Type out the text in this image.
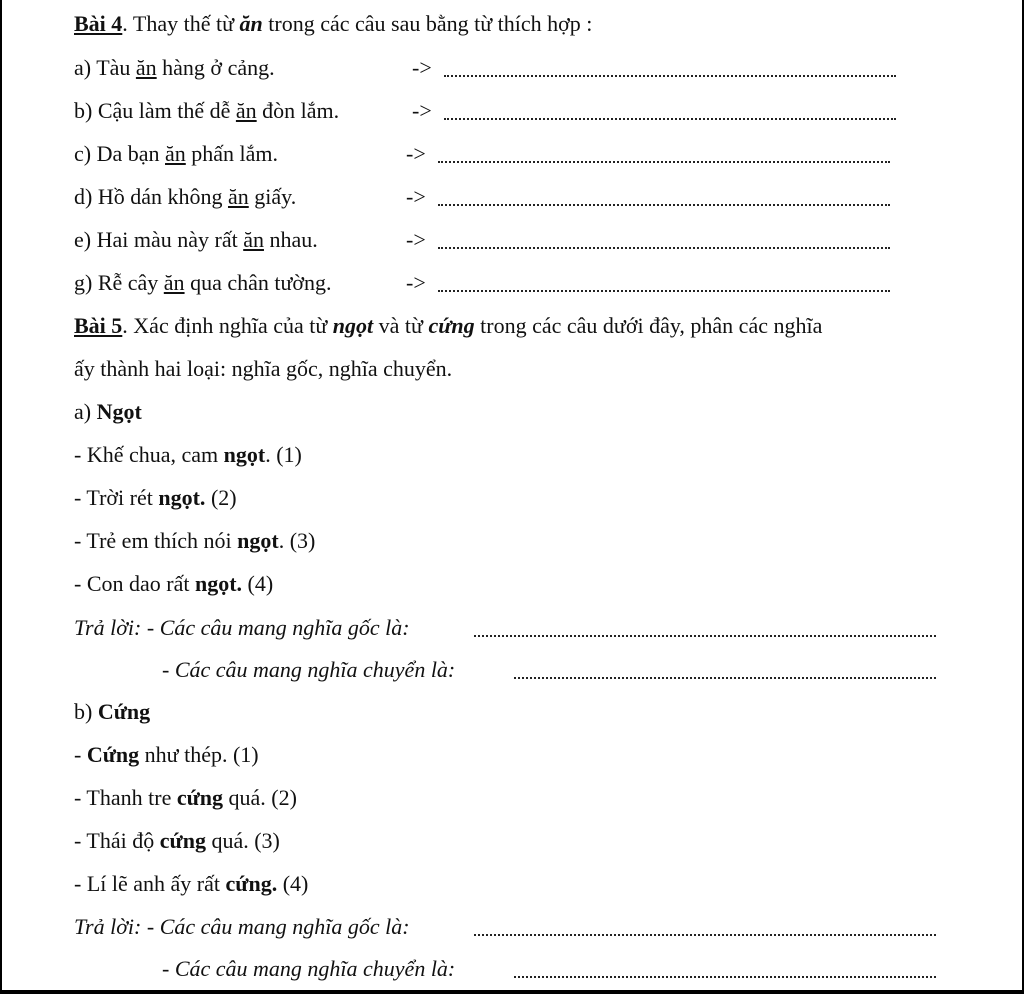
Bài 4. Thay thế từ ăn trong các câu sau bằng từ thích hợp :
a) Tàu ăn hàng ở cảng.	->
b) Cậu làm thế dễ ăn đòn lắm.	->
c) Da bạn ăn phấn lắm.	->
d) Hồ dán không ăn giấy.	->
e) Hai màu này rất ăn nhau.	->
g) Rễ cây ăn qua chân tường.	->
Bài 5. Xác định nghĩa của từ ngọt và từ cứng trong các câu dưới đây, phân các nghĩa
ấy thành hai loại: nghĩa gốc, nghĩa chuyển.
a) Ngọt
- Khế chua, cam ngọt. (1)
- Trời rét ngọt. (2)
- Trẻ em thích nói ngọt. (3)
- Con dao rất ngọt. (4)
Trả lời: - Các câu mang nghĩa gốc là:
- Các câu mang nghĩa chuyển là:
b) Cứng
- Cứng như thép. (1)
- Thanh tre cứng quá. (2)
- Thái độ cứng quá. (3)
- Lí lẽ anh ấy rất cứng. (4)
Trả lời: - Các câu mang nghĩa gốc là:
- Các câu mang nghĩa chuyển là:
